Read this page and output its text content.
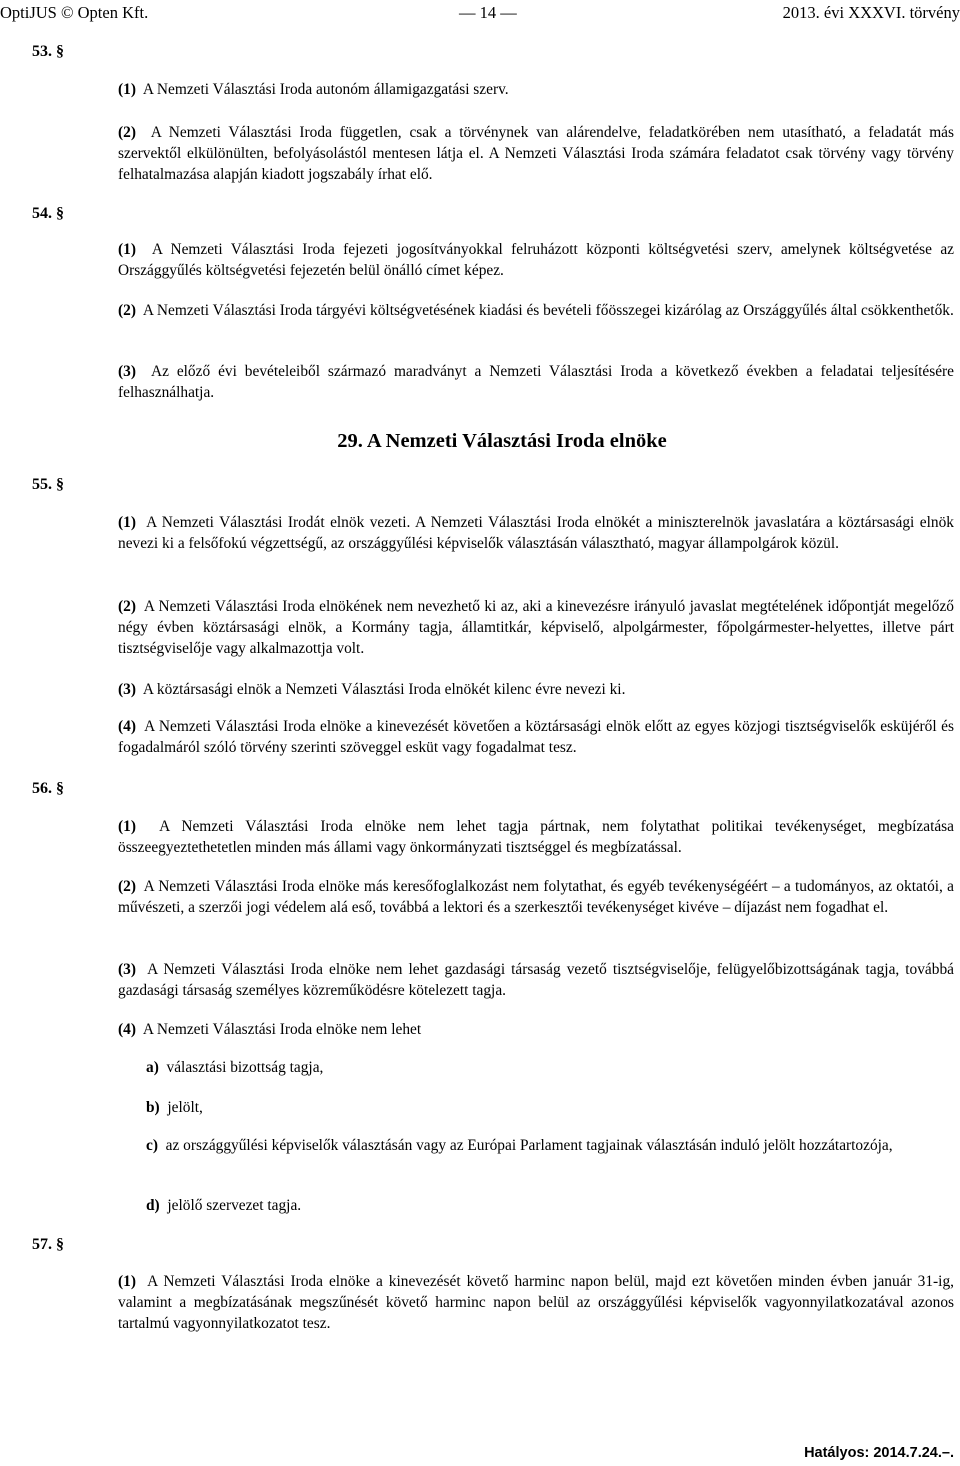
OptiJUS © Opten Kft.	— 14 —	2013. évi XXXVI. törvény
53. §
(1) A Nemzeti Választási Iroda autonóm államigazgatási szerv.
(2) A Nemzeti Választási Iroda független, csak a törvénynek van alárendelve, feladatkörében nem utasítható, a feladatát más szervektől elkülönülten, befolyásolástól mentesen látja el. A Nemzeti Választási Iroda számára feladatot csak törvény vagy törvény felhatalmazása alapján kiadott jogszabály írhat elő.
54. §
(1) A Nemzeti Választási Iroda fejezeti jogosítványokkal felruházott központi költségvetési szerv, amelynek költségvetése az Országgyűlés költségvetési fejezetén belül önálló címet képez.
(2) A Nemzeti Választási Iroda tárgyévi költségvetésének kiadási és bevételi főösszegei kizárólag az Országgyűlés által csökkenthetők.
(3) Az előző évi bevételeiből származó maradványt a Nemzeti Választási Iroda a következő években a feladatai teljesítésére felhasználhatja.
29. A Nemzeti Választási Iroda elnöke
55. §
(1) A Nemzeti Választási Irodát elnök vezeti. A Nemzeti Választási Iroda elnökét a miniszterelnök javaslatára a köztársasági elnök nevezi ki a felsőfokú végzettségű, az országgyűlési képviselők választásán választható, magyar állampolgárok közül.
(2) A Nemzeti Választási Iroda elnökének nem nevezhető ki az, aki a kinevezésre irányuló javaslat megtételének időpontját megelőző négy évben köztársasági elnök, a Kormány tagja, államtitkár, képviselő, alpolgármester, főpolgármester-helyettes, illetve párt tisztségviselője vagy alkalmazottja volt.
(3) A köztársasági elnök a Nemzeti Választási Iroda elnökét kilenc évre nevezi ki.
(4) A Nemzeti Választási Iroda elnöke a kinevezését követően a köztársasági elnök előtt az egyes közjogi tisztségviselők esküjéről és fogadalmáról szóló törvény szerinti szöveggel esküt vagy fogadalmat tesz.
56. §
(1) A Nemzeti Választási Iroda elnöke nem lehet tagja pártnak, nem folytathat politikai tevékenységet, megbízatása összeegyeztethetetlen minden más állami vagy önkormányzati tisztséggel és megbízatással.
(2) A Nemzeti Választási Iroda elnöke más keresőfoglalkozást nem folytathat, és egyéb tevékenységéért – a tudományos, az oktatói, a művészeti, a szerzői jogi védelem alá eső, továbbá a lektori és a szerkesztői tevékenységet kivéve – díjazást nem fogadhat el.
(3) A Nemzeti Választási Iroda elnöke nem lehet gazdasági társaság vezető tisztségviselője, felügyelőbizottságának tagja, továbbá gazdasági társaság személyes közreműködésre kötelezett tagja.
(4) A Nemzeti Választási Iroda elnöke nem lehet
a) választási bizottság tagja,
b) jelölt,
c) az országgyűlési képviselők választásán vagy az Európai Parlament tagjainak választásán induló jelölt hozzátartozója,
d) jelölő szervezet tagja.
57. §
(1) A Nemzeti Választási Iroda elnöke a kinevezését követő harminc napon belül, majd ezt követően minden évben január 31-ig, valamint a megbízatásának megszűnését követő harminc napon belül az országgyűlési képviselők vagyonnyilatkozatával azonos tartalmú vagyonnyilatkozatot tesz.
Hatályos: 2014.7.24.–.
